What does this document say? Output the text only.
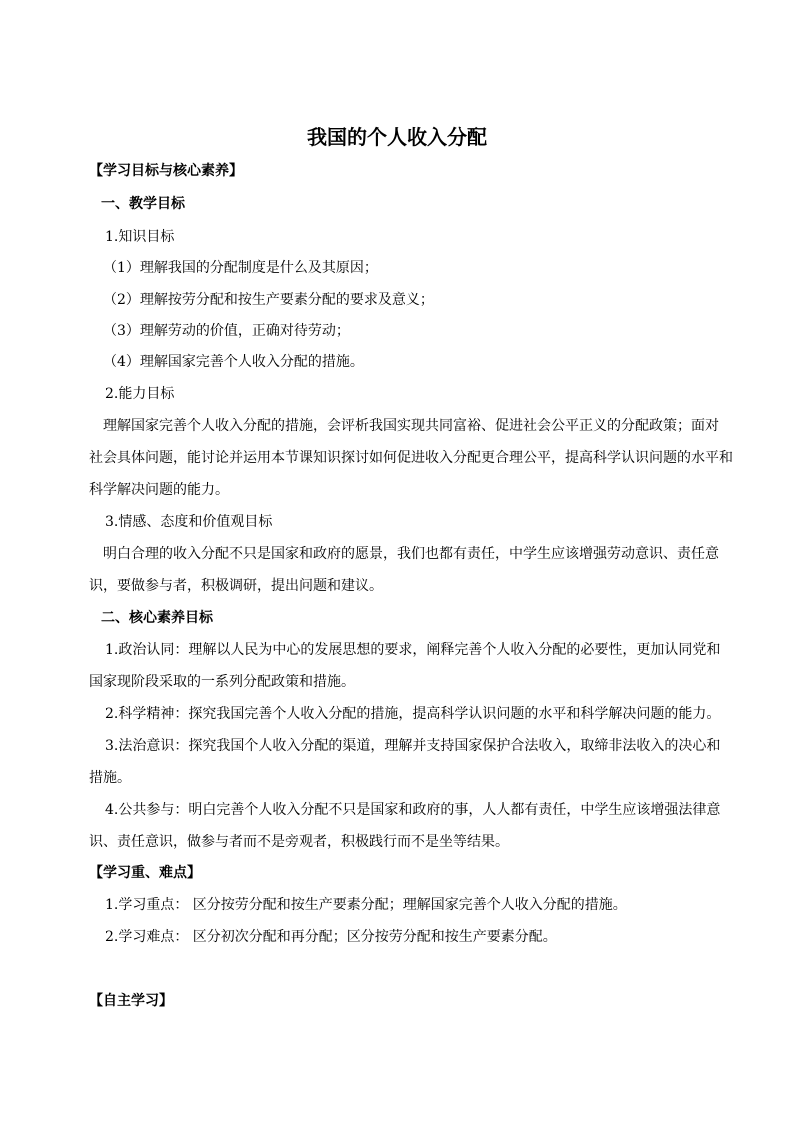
我国的个人收入分配
【学习目标与核心素养】
一、教学目标
1.知识目标
（1）理解我国的分配制度是什么及其原因；
（2）理解按劳分配和按生产要素分配的要求及意义；
（3）理解劳动的价值，正确对待劳动；
（4）理解国家完善个人收入分配的措施。
2.能力目标
理解国家完善个人收入分配的措施，会评析我国实现共同富裕、促进社会公平正义的分配政策；面对
社会具体问题，能讨论并运用本节课知识探讨如何促进收入分配更合理公平，提高科学认识问题的水平和
科学解决问题的能力。
3.情感、态度和价值观目标
明白合理的收入分配不只是国家和政府的愿景，我们也都有责任，中学生应该增强劳动意识、责任意
识，要做参与者，积极调研，提出问题和建议。
二、核心素养目标
1.政治认同：理解以人民为中心的发展思想的要求，阐释完善个人收入分配的必要性，更加认同党和
国家现阶段采取的一系列分配政策和措施。
2.科学精神：探究我国完善个人收入分配的措施，提高科学认识问题的水平和科学解决问题的能力。
3.法治意识：探究我国个人收入分配的渠道，理解并支持国家保护合法收入，取缔非法收入的决心和
措施。
4.公共参与：明白完善个人收入分配不只是国家和政府的事，人人都有责任，中学生应该增强法律意
识、责任意识，做参与者而不是旁观者，积极践行而不是坐等结果。
【学习重、难点】
1.学习重点： 区分按劳分配和按生产要素分配；理解国家完善个人收入分配的措施。
2.学习难点： 区分初次分配和再分配；区分按劳分配和按生产要素分配。
【自主学习】
